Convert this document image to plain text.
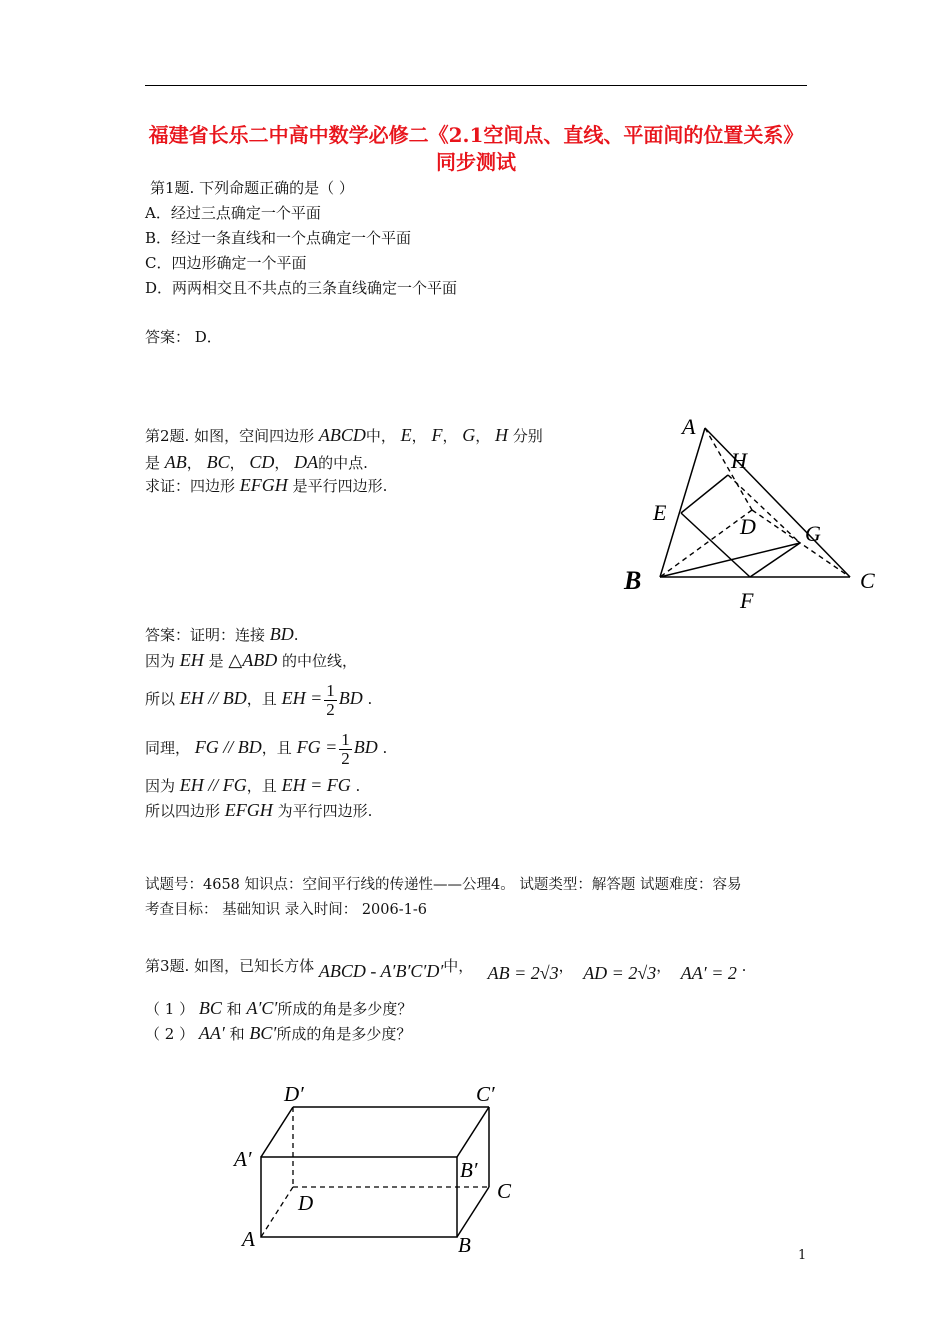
福建省长乐二中高中数学必修二《2.1空间点、直线、平面间的位置关系》同步测试
第1题. 下列命题正确的是（ ）
A．经过三点确定一个平面
B．经过一条直线和一个点确定一个平面
C．四边形确定一个平面
D．两两相交且不共点的三条直线确定一个平面
答案： D．
第2题. 如图，空间四边形 ABCD中， E， F， G， H 分别
是 AB， BC， CD， DA的中点.
求证：四边形 EFGH 是平行四边形.
A
H
E
D G
B	C
F
答案：证明：连接 BD.
因为 EH 是 △ABD 的中位线，
所以 EH // BD，且 EH = $\frac{1}{2}$ BD .
同理， FG // BD，且 FG = $\frac{1}{2}$ BD .
因为 EH // FG，且 EH = FG .
所以四边形 EFGH 为平行四边形.
试题号：4658 知识点：空间平行线的传递性——公理4。 试题类型：解答题 试题难度：容易
考查目标： 基础知识 录入时间： 2006-1-6
第3题. 如图，已知长方体 ABCD - A′B′C′D′中， AB = 2√3，  AD = 2√3，  AA′ = 2 .
（ 1 ） BC 和 A′C′所成的角是多少度？
（ 2 ） AA′ 和 BC′所成的角是多少度？
D′	C′
A′	B′
C
D
A	B	1
